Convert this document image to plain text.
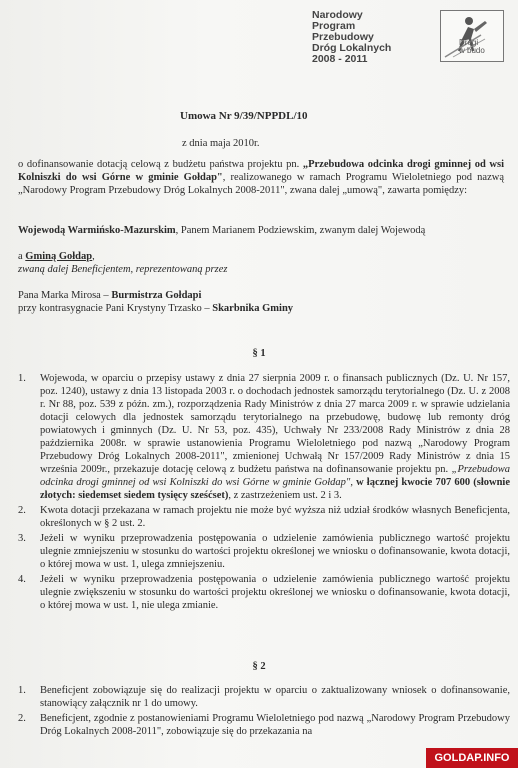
Narodowy
Program
Przebudowy
Dróg Lokalnych
2008 - 2011
Drogi
w budo
Umowa Nr 9/39/NPPDL/10
z dnia maja 2010r.
o dofinansowanie dotacją celową z budżetu państwa projektu pn. „Przebudowa odcinka drogi gminnej od wsi Kolniszki do wsi Górne w gminie Gołdap", realizowanego w ramach Programu Wieloletniego pod nazwą „Narodowy Program Przebudowy Dróg Lokalnych 2008-2011", zwana dalej „umową", zawarta pomiędzy:
Wojewodą Warmińsko-Mazurskim, Panem Marianem Podziewskim, zwanym dalej Wojewodą
a Gminą Gołdap,
zwaną dalej Beneficjentem, reprezentowaną przez
Pana Marka Mirosa – Burmistrza Gołdapi
przy kontrasygnacie Pani Krystyny Trzasko – Skarbnika Gminy
§ 1
1. Wojewoda, w oparciu o przepisy ustawy z dnia 27 sierpnia 2009 r. o finansach publicznych (Dz. U. Nr 157, poz. 1240), ustawy z dnia 13 listopada 2003 r. o dochodach jednostek samorządu terytorialnego (Dz. U. z 2008 r. Nr 88, poz. 539 z późn. zm.), rozporządzenia Rady Ministrów z dnia 27 marca 2009 r. w sprawie udzielania dotacji celowych dla jednostek samorządu terytorialnego na przebudowę, budowę lub remonty dróg powiatowych i gminnych (Dz. U. Nr 53, poz. 435), Uchwały Nr 233/2008 Rady Ministrów z dnia 28 października 2008r. w sprawie ustanowienia Programu Wieloletniego pod nazwą „Narodowy Program Przebudowy Dróg Lokalnych 2008-2011", zmienionej Uchwałą Nr 157/2009 Rady Ministrów z dnia 15 września 2009r., przekazuje dotację celową z budżetu państwa na dofinansowanie projektu pn. „Przebudowa odcinka drogi gminnej od wsi Kolniszki do wsi Górne w gminie Gołdap", w łącznej kwocie 707 600 (słownie złotych: siedemset siedem tysięcy sześćset), z zastrzeżeniem ust. 2 i 3.
2. Kwota dotacji przekazana w ramach projektu nie może być wyższa niż udział środków własnych Beneficjenta, określonych w § 2 ust. 2.
3. Jeżeli w wyniku przeprowadzenia postępowania o udzielenie zamówienia publicznego wartość projektu ulegnie zmniejszeniu w stosunku do wartości projektu określonej we wniosku o dofinansowanie, kwota dotacji, o której mowa w ust. 1, ulega zmniejszeniu.
4. Jeżeli w wyniku przeprowadzenia postępowania o udzielenie zamówienia publicznego wartość projektu ulegnie zwiększeniu w stosunku do wartości projektu określonej we wniosku o dofinansowanie, kwota dotacji, o której mowa w ust. 1, nie ulega zmianie.
§ 2
1. Beneficjent zobowiązuje się do realizacji projektu w oparciu o zaktualizowany wniosek o dofinansowanie, stanowiący załącznik nr 1 do umowy.
2. Beneficjent, zgodnie z postanowieniami Programu Wieloletniego pod nazwą „Narodowy Program Przebudowy Dróg Lokalnych 2008-2011", zobowiązuje się do przekazania na
GOLDAP.INFO
